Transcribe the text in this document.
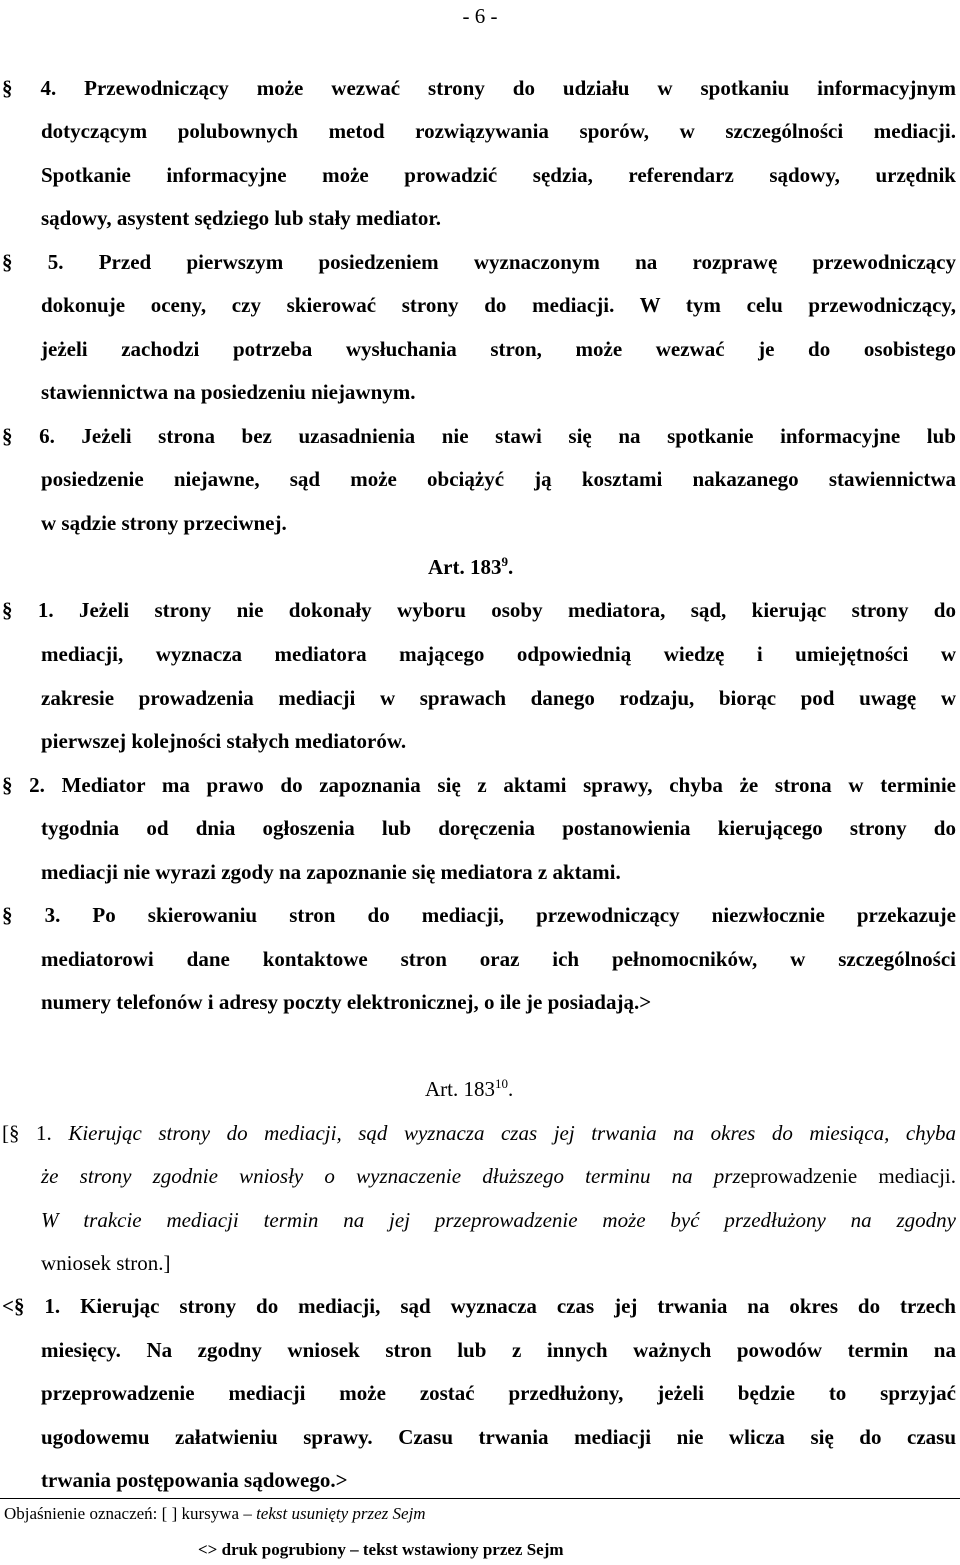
- 6 -
§ 4. Przewodniczący może wezwać strony do udziału w spotkaniu informacyjnym
dotyczącym polubownych metod rozwiązywania sporów, w szczególności mediacji.
Spotkanie informacyjne może prowadzić sędzia, referendarz sądowy, urzędnik
sądowy, asystent sędziego lub stały mediator.
§ 5. Przed pierwszym posiedzeniem wyznaczonym na rozprawę przewodniczący
dokonuje oceny, czy skierować strony do mediacji. W tym celu przewodniczący,
jeżeli zachodzi potrzeba wysłuchania stron, może wezwać je do osobistego
stawiennictwa na posiedzeniu niejawnym.
§ 6. Jeżeli strona bez uzasadnienia nie stawi się na spotkanie informacyjne lub
posiedzenie niejawne, sąd może obciążyć ją kosztami nakazanego stawiennictwa
w sądzie strony przeciwnej.
Art. $183^9$.
§ 1. Jeżeli strony nie dokonały wyboru osoby mediatora, sąd, kierując strony do
mediacji, wyznacza mediatora mającego odpowiednią wiedzę i umiejętności w
zakresie prowadzenia mediacji w sprawach danego rodzaju, biorąc pod uwagę w
pierwszej kolejności stałych mediatorów.
§ 2. Mediator ma prawo do zapoznania się z aktami sprawy, chyba że strona w terminie
tygodnia od dnia ogłoszenia lub doręczenia postanowienia kierującego strony do
mediacji nie wyrazi zgody na zapoznanie się mediatora z aktami.
§ 3. Po skierowaniu stron do mediacji, przewodniczący niezwłocznie przekazuje
mediatorowi dane kontaktowe stron oraz ich pełnomocników, w szczególności
numery telefonów i adresy poczty elektronicznej, o ile je posiadają.>
Art. $183^{10}$.
[§ 1. Kierując strony do mediacji, sąd wyznacza czas jej trwania na okres do miesiąca, chyba
że strony zgodnie wniosły o wyznaczenie dłuższego terminu na przeprowadzenie mediacji.
W trakcie mediacji termin na jej przeprowadzenie może być przedłużony na zgodny
wniosek stron.]
<§ 1. Kierując strony do mediacji, sąd wyznacza czas jej trwania na okres do trzech
miesięcy. Na zgodny wniosek stron lub z innych ważnych powodów termin na
przeprowadzenie mediacji może zostać przedłużony, jeżeli będzie to sprzyjać
ugodowemu załatwieniu sprawy. Czasu trwania mediacji nie wlicza się do czasu
trwania postępowania sądowego.>
Objaśnienie oznaczeń: [ ] kursywa – tekst usunięty przez Sejm
<> druk pogrubiony – tekst wstawiony przez Sejm
